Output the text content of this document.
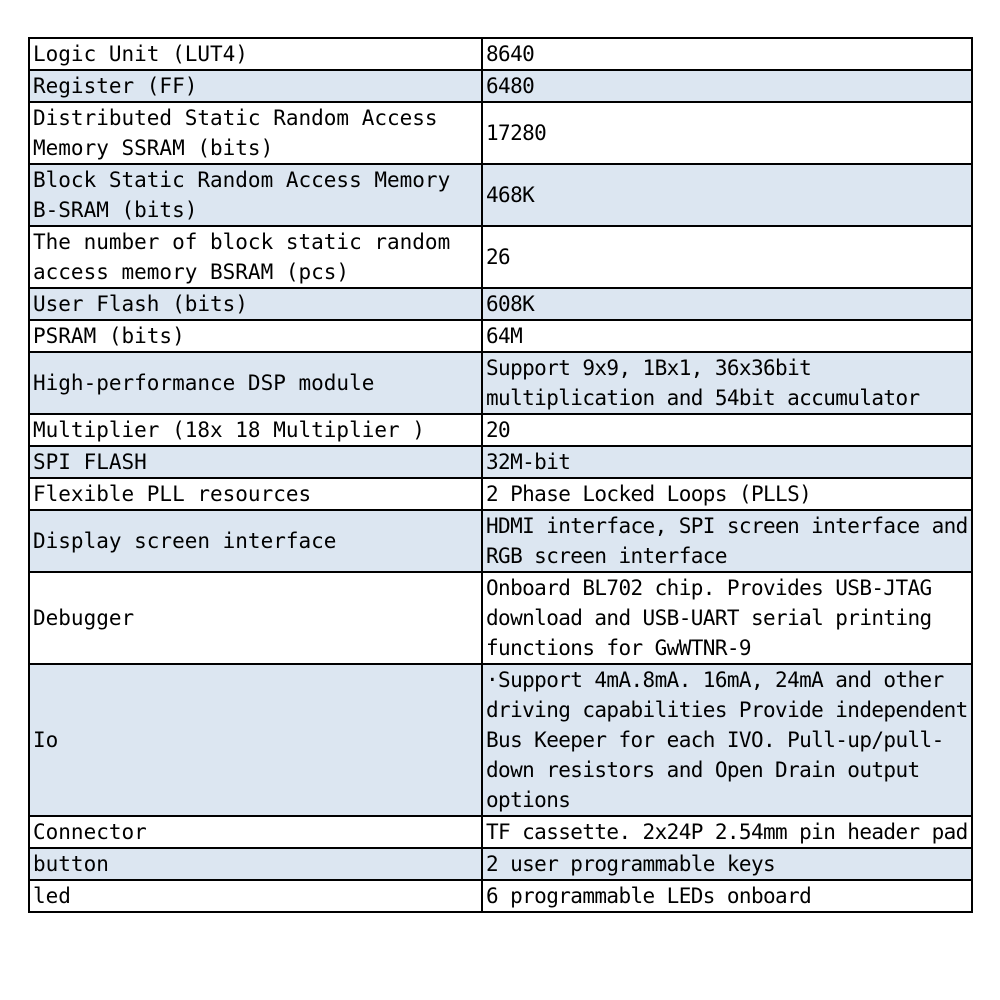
Logic Unit (LUT4)	8640
Register (FF)	6480
Distributed Static Random Access Memory SSRAM (bits)	17280
Block Static Random Access Memory B-SRAM (bits)	468K
The number of block static random access memory BSRAM (pcs)	26
User Flash (bits)	608K
PSRAM (bits)	64M
High-performance DSP module	Support 9x9, 1Bx1, 36x36bit multiplication and 54bit accumulator
Multiplier (18x 18 Multiplier )	20
SPI FLASH	32M-bit
Flexible PLL resources	2 Phase Locked Loops (PLLS)
Display screen interface	HDMI interface, SPI screen interface and RGB screen interface
Debugger	Onboard BL702 chip. Provides USB-JTAG download and USB-UART serial printing functions for GwWTNR-9
Io	·Support 4mA.8mA. 16mA, 24mA and other driving capabilities Provide independent Bus Keeper for each IVO. Pull-up/pull-down resistors and Open Drain output options
Connector	TF cassette. 2x24P 2.54mm pin header pad
button	2 user programmable keys
led	6 programmable LEDs onboard
